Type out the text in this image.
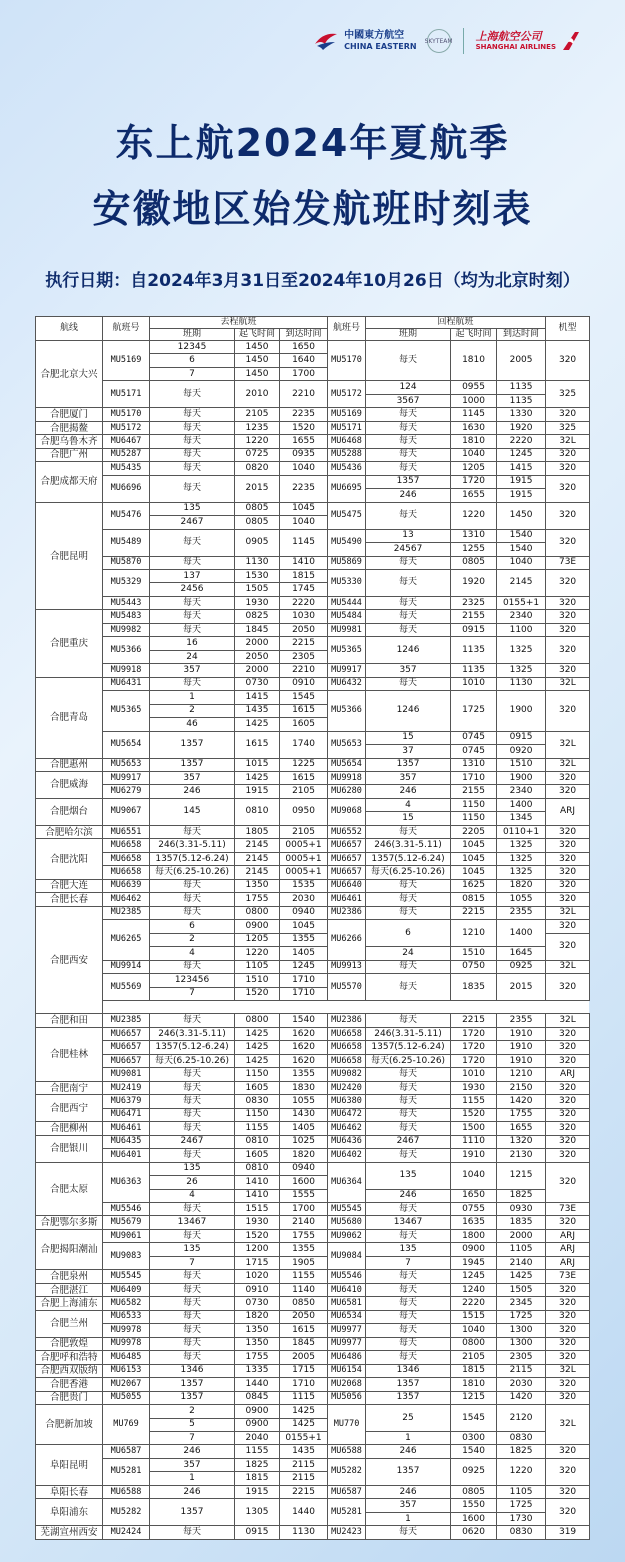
中國東方航空
CHINA EASTERN
SKYTEAM 上海航空公司
SHANGHAI AIRLINES
东上航2024年夏航季
安徽地区始发航班时刻表
执行日期：自2024年3月31日至2024年10月26日（均为北京时刻）
航线	航班号	去程航班			航班号	回程航班			机型
		班期	起飞时间	到达时间		班期	起飞时间	到达时间	
合肥北京大兴	MU5169	12345	1450	1650	MU5170	每天	1810	2005	320
		6	1450	1640					
		7	1450	1700					
	MU5171	每天	2010	2210	MU5172	124	0955	1135	325
						3567	1000	1135	
合肥厦门	MU5170	每天	2105	2235	MU5169	每天	1145	1330	320
合肥揭鳌	MU5172	每天	1235	1520	MU5171	每天	1630	1920	325
合肥乌鲁木齐	MU6467	每天	1220	1655	MU6468	每天	1810	2220	32L
合肥广州	MU5287	每天	0725	0935	MU5288	每天	1040	1245	320
合肥成都天府	MU5435	每天	0820	1040	MU5436	每天	1205	1415	320
	MU6696	每天	2015	2235	MU6695	1357	1720	1915	320
						246	1655	1915	
合肥昆明	MU5476	135	0805	1045	MU5475	每天	1220	1450	320
		2467	0805	1040					
	MU5489	每天	0905	1145	MU5490	13	1310	1540	320
						24567	1255	1540	
	MU5870	每天	1130	1410	MU5869	每天	0805	1040	73E
	MU5329	137	1530	1815	MU5330	每天	1920	2145	320
		2456	1505	1745					
	MU5443	每天	1930	2220	MU5444	每天	2325	0155+1	320
合肥重庆	MU5483	每天	0825	1030	MU5484	每天	2155	2340	320
	MU9982	每天	1845	2050	MU9981	每天	0915	1100	320
	MU5366	16	2000	2215	MU5365	1246	1135	1325	320
		24	2050	2305					
	MU9918	357	2000	2210	MU9917	357	1135	1325	320
合肥青岛	MU6431	每天	0730	0910	MU6432	每天	1010	1130	32L
	MU5365	1	1415	1545	MU5366	1246	1725	1900	320
		2	1435	1615					
		46	1425	1605					
	MU5654	1357	1615	1740	MU5653	15	0745	0915	32L
						37	0745	0920	
合肥惠州	MU5653	1357	1015	1225	MU5654	1357	1310	1510	32L
合肥威海	MU9917	357	1425	1615	MU9918	357	1710	1900	320
	MU6279	246	1915	2105	MU6280	246	2155	2340	320
合肥烟台	MU9067	145	0810	0950	MU9068	4	1150	1400	ARJ
						15	1150	1345	
合肥哈尔滨	MU6551	每天	1805	2105	MU6552	每天	2205	0110+1	320
合肥沈阳	MU6658	246(3.31-5.11)	2145	0005+1	MU6657	246(3.31-5.11)	1045	1325	320
	MU6658	1357(5.12-6.24)	2145	0005+1	MU6657	1357(5.12-6.24)	1045	1325	320
	MU6658	每天(6.25-10.26)	2145	0005+1	MU6657	每天(6.25-10.26)	1045	1325	320
合肥大连	MU6639	每天	1350	1535	MU6640	每天	1625	1820	320
合肥长春	MU6462	每天	1755	2030	MU6461	每天	0815	1055	320
合肥西安	MU2385	每天	0800	0940	MU2386	每天	2215	2355	32L
	MU6265	6	0900	1045	MU6266	6	1210	1400	320
		2	1205	1355					320
		4	1220	1405		24	1510	1645	
	MU9914	每天	1105	1245	MU9913	每天	0750	0925	32L
	MU5569	123456	1510	1710	MU5570	每天	1835	2015	320
		7	1520	1710					

合肥和田	MU2385	每天	0800	1540	MU2386	每天	2215	2355	32L
合肥桂林	MU6657	246(3.31-5.11)	1425	1620	MU6658	246(3.31-5.11)	1720	1910	320
	MU6657	1357(5.12-6.24)	1425	1620	MU6658	1357(5.12-6.24)	1720	1910	320
	MU6657	每天(6.25-10.26)	1425	1620	MU6658	每天(6.25-10.26)	1720	1910	320
	MU9081	每天	1150	1355	MU9082	每天	1010	1210	ARJ
合肥南宁	MU2419	每天	1605	1830	MU2420	每天	1930	2150	320
合肥西宁	MU6379	每天	0830	1055	MU6380	每天	1155	1420	320
	MU6471	每天	1150	1430	MU6472	每天	1520	1755	320
合肥柳州	MU6461	每天	1155	1405	MU6462	每天	1500	1655	320
合肥银川	MU6435	2467	0810	1025	MU6436	2467	1110	1320	320
	MU6401	每天	1605	1820	MU6402	每天	1910	2130	320
合肥太原	MU6363	135	0810	0940	MU6364	135	1040	1215	320
		26	1410	1600					
		4	1410	1555		246	1650	1825	
	MU5546	每天	1515	1700	MU5545	每天	0755	0930	73E
合肥鄂尔多斯	MU5679	13467	1930	2140	MU5680	13467	1635	1835	320
合肥揭阳潮汕	MU9061	每天	1520	1755	MU9062	每天	1800	2000	ARJ
	MU9083	135	1200	1355	MU9084	135	0900	1105	ARJ
		7	1715	1905		7	1945	2140	ARJ
合肥泉州	MU5545	每天	1020	1155	MU5546	每天	1245	1425	73E
合肥湛江	MU6409	每天	0910	1140	MU6410	每天	1240	1505	320
合肥上海浦东	MU6582	每天	0730	0850	MU6581	每天	2220	2345	320
合肥兰州	MU6533	每天	1820	2050	MU6534	每天	1515	1725	320
	MU9978	每天	1350	1615	MU9977	每天	1040	1300	320
合肥敦煌	MU9978	每天	1350	1845	MU9977	每天	0800	1300	320
合肥呼和浩特	MU6485	每天	1755	2005	MU6486	每天	2105	2305	320
合肥西双版纳	MU6153	1346	1335	1715	MU6154	1346	1815	2115	32L
合肥香港	MU2067	1357	1440	1710	MU2068	1357	1810	2030	320
合肥贵门	MU5055	1357	0845	1115	MU5056	1357	1215	1420	320
合肥新加坡	MU769	2	0900	1425	MU770	25	1545	2120	32L
		5	0900	1425					
		7	2040	0155+1		1	0300	0830	
阜阳昆明	MU6587	246	1155	1435	MU6588	246	1540	1825	320
	MU5281	357	1825	2115	MU5282	1357	0925	1220	320
		1	1815	2115					
阜阳长春	MU6588	246	1915	2215	MU6587	246	0805	1105	320
阜阳浦东	MU5282	1357	1305	1440	MU5281	357	1550	1725	320
						1	1600	1730	
芜湖宣州西安	MU2424	每天	0915	1130	MU2423	每天	0620	0830	319
